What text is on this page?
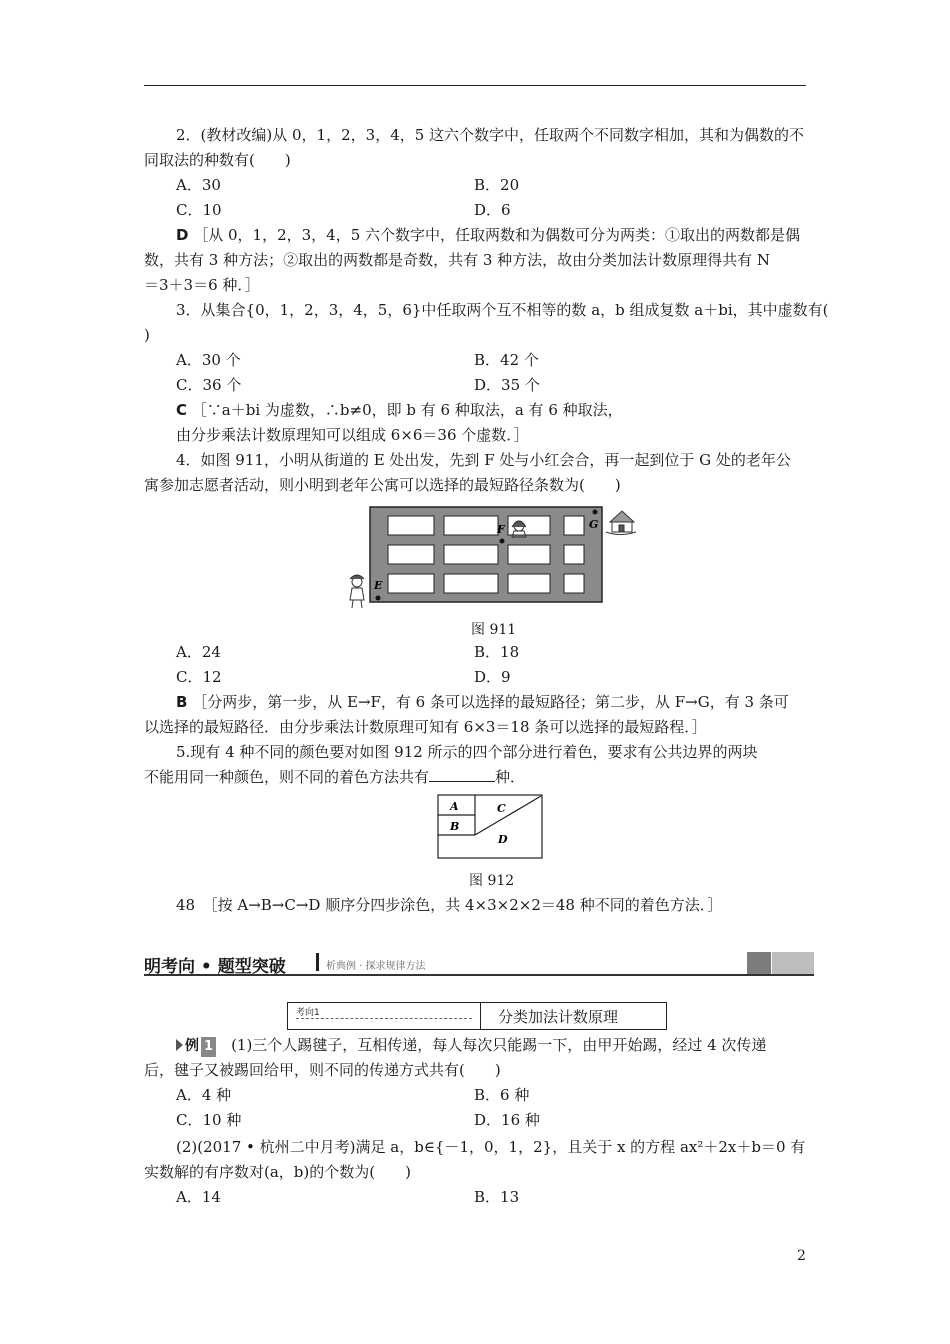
2．(教材改编)从 0，1，2，3，4，5 这六个数字中，任取两个不同数字相加，其和为偶数的不
同取法的种数有(　　)
A．30	B．20
C．10	D．6
D ［从 0，1，2，3，4，5 六个数字中，任取两数和为偶数可分为两类：①取出的两数都是偶
数，共有 3 种方法；②取出的两数都是奇数，共有 3 种方法，故由分类加法计数原理得共有 N
＝3＋3＝6 种．］
3．从集合{0，1，2，3，4，5，6}中任取两个互不相等的数 a，b 组成复数 a＋bi，其中虚数有(
)
A．30 个	B．42 个
C．36 个	D．35 个
C ［∵a＋bi 为虚数，∴b≠0，即 b 有 6 种取法，a 有 6 种取法，
由分步乘法计数原理知可以组成 6×6＝36 个虚数．］
4．如图 911，小明从街道的 E 处出发，先到 F 处与小红会合，再一起到位于 G 处的老年公
寓参加志愿者活动，则小明到老年公寓可以选择的最短路径条数为(　　)
E
F	G
图 911
A．24	B．18
C．12	D．9
B ［分两步，第一步，从 E→F，有 6 条可以选择的最短路径；第二步，从 F→G，有 3 条可
以选择的最短路径．由分步乘法计数原理可知有 6×3＝18 条可以选择的最短路程．］
5.现有 4 种不同的颜色要对如图 912 所示的四个部分进行着色，要求有公共边界的两块
不能用同一种颜色，则不同的着色方法共有	种．
A
B
C
D
图 912
48　 ［按 A→B→C→D 顺序分四步涂色，共 4×3×2×2＝48 种不同的着色方法．］
明考向 • 题型突破	析典例 · 探求规律方法
考向1	分类加法计数原理
例 1　 (1)三个人踢毽子，互相传递，每人每次只能踢一下，由甲开始踢，经过 4 次传递
后，毽子又被踢回给甲，则不同的传递方式共有(　　)
A．4 种	B．6 种
C．10 种	D．16 种
(2)(2017 • 杭州二中月考)满足 a，b∈{－1，0，1，2}，且关于 x 的方程 ax²＋2x＋b＝0 有
实数解的有序数对(a，b)的个数为(　　)
A．14	B．13
2
